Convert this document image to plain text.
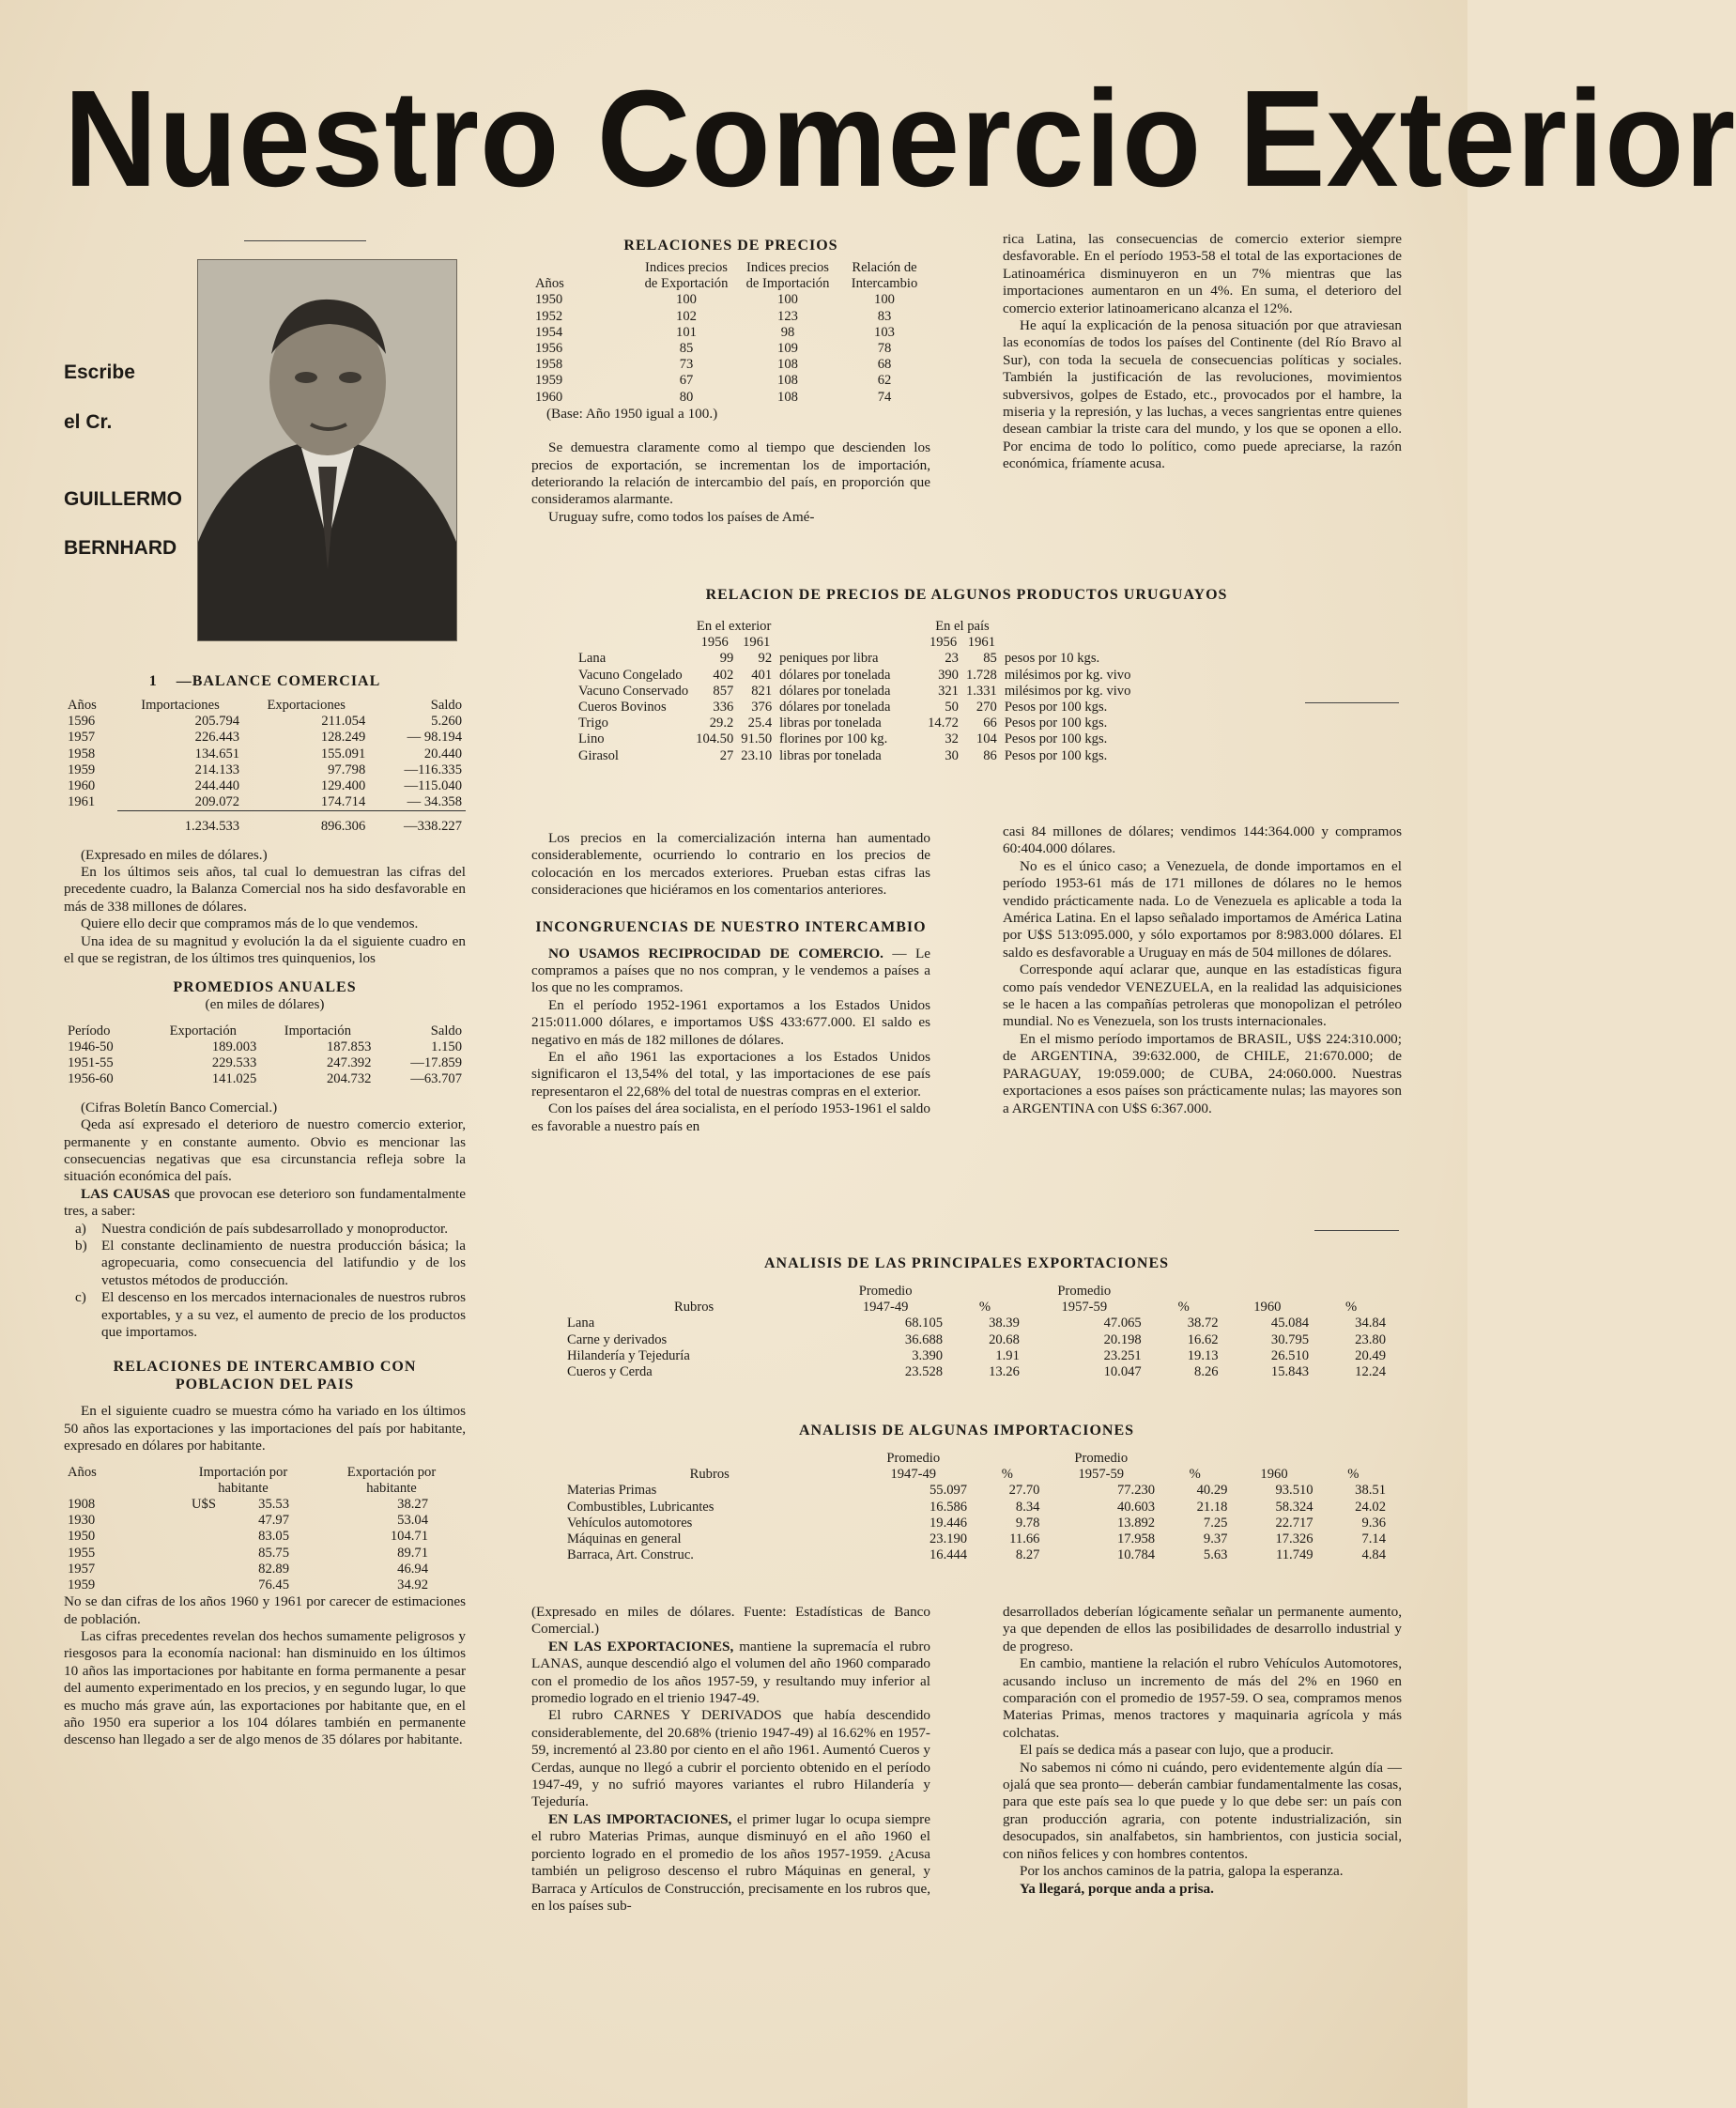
Nuestro Comercio Exterior
Escribe
el Cr.
GUILLERMO
BERNHARD
1 —BALANCE COMERCIAL
Años	Importaciones	Exportaciones	Saldo
1596	205.794	211.054	5.260
1957	226.443	128.249	— 98.194
1958	134.651	155.091	20.440
1959	214.133	97.798	—116.335
1960	244.440	129.400	—115.040
1961	209.072	174.714	— 34.358
	1.234.533	896.306	—338.227
(Expresado en miles de dólares.)

En los últimos seis años, tal cual lo demuestran las cifras del precedente cuadro, la Balanza Comercial nos ha sido desfavorable en más de 338 millones de dólares.

Quiere ello decir que compramos más de lo que vendemos.

Una idea de su magnitud y evolución la da el siguiente cuadro en el que se registran, de los últimos tres quinquenios, los

PROMEDIOS ANUALES
(en miles de dólares)
Período	Exportación	Importación	Saldo
1946-50	189.003	187.853	1.150
1951-55	229.533	247.392	—17.859
1956-60	141.025	204.732	—63.707
(Cifras Boletín Banco Comercial.)

Qeda así expresado el deterioro de nuestro comercio exterior, permanente y en constante aumento. Obvio es mencionar las consecuencias negativas que esa circunstancia refleja sobre la situación económica del país.

LAS CAUSAS que provocan ese deterioro son fundamentalmente tres, a saber:

a) Nuestra condición de país subdesarrollado y monoproductor.
b) El constante declinamiento de nuestra producción básica; la agropecuaria, como consecuencia del latifundio y de los vetustos métodos de producción.
c) El descenso en los mercados internacionales de nuestros rubros exportables, y a su vez, el aumento de precio de los productos que importamos.
RELACIONES DE INTERCAMBIO CON POBLACION DEL PAIS

En el siguiente cuadro se muestra cómo ha variado en los últimos 50 años las exportaciones y las importaciones del país por habitante, expresado en dólares por habitante.

Años	Importación por habitante	Exportación por habitante
1908	U$S 35.53	38.27
1930	47.97	53.04
1950	83.05	104.71
1955	85.75	89.71
1957	82.89	46.94
1959	76.45	34.92

No se dan cifras de los años 1960 y 1961 por carecer de estimaciones de población.

Las cifras precedentes revelan dos hechos sumamente peligrosos y riesgosos para la economía nacional: han disminuido en los últimos 10 años las importaciones por habitante en forma permanente a pesar del aumento experimentado en los precios, y en segundo lugar, lo que es mucho más grave aún, las exportaciones por habitante que, en el año 1950 era superior a los 104 dólares también en permanente descenso han llegado a ser de algo menos de 35 dólares por habitante.

RELACIONES DE PRECIOS
Años	Indices precios de Exportación	Indices precios de Importación	Relación de Intercambio
1950	100	100	100
1952	102	123	83
1954	101	98	103
1956	85	109	78
1958	73	108	68
1959	67	108	62
1960	80	108	74
(Base: Año 1950 igual a 100.)

Se demuestra claramente como al tiempo que descienden los precios de exportación, se incrementan los de importación, deteriorando la relación de intercambio del país, en proporción que consideramos alarmante.

Uruguay sufre, como todos los países de Amé-

rica Latina, las consecuencias de comercio exterior siempre desfavorable. En el período 1953-58 el total de las exportaciones de Latinoamérica disminuyeron en un 7% mientras que las importaciones aumentaron en un 4%. En suma, el deterioro del comercio exterior latinoamericano alcanza el 12%.

He aquí la explicación de la penosa situación por que atraviesan las economías de todos los países del Continente (del Río Bravo al Sur), con toda la secuela de consecuencias políticas y sociales. También la justificación de las revoluciones, movimientos subversivos, golpes de Estado, etc., provocados por el hambre, la miseria y la represión, y las luchas, a veces sangrientas entre quienes desean cambiar la triste cara del mundo, y los que se oponen a ello. Por encima de todo lo político, como puede apreciarse, la razón económica, fríamente acusa.

RELACION DE PRECIOS DE ALGUNOS PRODUCTOS URUGUAYOS
	En el exterior			En el país		
	1956	1961		1956	1961	
Lana	99	92	peniques por libra	23	85	pesos por 10 kgs.
Vacuno Congelado	402	401	dólares por tonelada	390	1.728	milésimos por kg. vivo
Vacuno Conservado	857	821	dólares por tonelada	321	1.331	milésimos por kg. vivo
Cueros Bovinos	336	376	dólares por tonelada	50	270	Pesos por 100 kgs.
Trigo	29.2	25.4	libras por tonelada	14.72	66	Pesos por 100 kgs.
Lino	104.50	91.50	florines por 100 kg.	32	104	Pesos por 100 kgs.
Girasol	27	23.10	libras por tonelada	30	86	Pesos por 100 kgs.

Los precios en la comercialización interna han aumentado considerablemente, ocurriendo lo contrario en los precios de colocación en los mercados exteriores. Prueban estas cifras las consideraciones que hiciéramos en los comentarios anteriores.

INCONGRUENCIAS DE NUESTRO INTERCAMBIO

NO USAMOS RECIPROCIDAD DE COMERCIO. — Le compramos a países que no nos compran, y le vendemos a países a los que no les compramos.

En el período 1952-1961 exportamos a los Estados Unidos 215:011.000 dólares, e importamos U$S 433:677.000. El saldo es negativo en más de 182 millones de dólares.

En el año 1961 las exportaciones a los Estados Unidos significaron el 13,54% del total, y las importaciones de ese país representaron el 22,68% del total de nuestras compras en el exterior.

Con los países del área socialista, en el período 1953-1961 el saldo es favorable a nuestro país en

casi 84 millones de dólares; vendimos 144:364.000 y compramos 60:404.000 dólares.

No es el único caso; a Venezuela, de donde importamos en el período 1953-61 más de 171 millones de dólares no le hemos vendido prácticamente nada. Lo de Venezuela es aplicable a toda la América Latina. En el lapso señalado importamos de América Latina por U$S 513:095.000, y sólo exportamos por 8:983.000 dólares. El saldo es desfavorable a Uruguay en más de 504 millones de dólares.

Corresponde aquí aclarar que, aunque en las estadísticas figura como país vendedor VENEZUELA, en la realidad las adquisiciones se le hacen a las compañías petroleras que monopolizan el petróleo mundial. No es Venezuela, son los trusts internacionales.

En el mismo período importamos de BRASIL, U$S 224:310.000; de ARGENTINA, 39:632.000, de CHILE, 21:670.000; de PARAGUAY, 19:059.000; de CUBA, 24:060.000. Nuestras exportaciones a esos países son prácticamente nulas; las mayores son a ARGENTINA con U$S 6:367.000.

ANALISIS DE LAS PRINCIPALES EXPORTACIONES
	Promedio		Promedio			
Rubros	1947-49	%	1957-59	%	1960	%
Lana	68.105	38.39	47.065	38.72	45.084	34.84
Carne y derivados	36.688	20.68	20.198	16.62	30.795	23.80
Hilandería y Tejeduría	3.390	1.91	23.251	19.13	26.510	20.49
Cueros y Cerda	23.528	13.26	10.047	8.26	15.843	12.24
ANALISIS DE ALGUNAS IMPORTACIONES
	Promedio		Promedio			
Rubros	1947-49	%	1957-59	%	1960	%
Materias Primas	55.097	27.70	77.230	40.29	93.510	38.51
Combustibles, Lubricantes	16.586	8.34	40.603	21.18	58.324	24.02
Vehículos automotores	19.446	9.78	13.892	7.25	22.717	9.36
Máquinas en general	23.190	11.66	17.958	9.37	17.326	7.14
Barraca, Art. Construc.	16.444	8.27	10.784	5.63	11.749	4.84

(Expresado en miles de dólares. Fuente: Estadísticas de Banco Comercial.)

EN LAS EXPORTACIONES, mantiene la supremacía el rubro LANAS, aunque descendió algo el volumen del año 1960 comparado con el promedio de los años 1957-59, y resultando muy inferior al promedio logrado en el trienio 1947-49.

El rubro CARNES Y DERIVADOS que había descendido considerablemente, del 20.68% (trienio 1947-49) al 16.62% en 1957-59, incrementó al 23.80 por ciento en el año 1961. Aumentó Cueros y Cerdas, aunque no llegó a cubrir el porciento obtenido en el período 1947-49, y no sufrió mayores variantes el rubro Hilandería y Tejeduría.

EN LAS IMPORTACIONES, el primer lugar lo ocupa siempre el rubro Materias Primas, aunque disminuyó en el año 1960 el porciento logrado en el promedio de los años 1957-1959. ¿Acusa también un peligroso descenso el rubro Máquinas en general, y Barraca y Artículos de Construcción, precisamente en los rubros que, en los países sub-

desarrollados deberían lógicamente señalar un permanente aumento, ya que dependen de ellos las posibilidades de desarrollo industrial y de progreso.

En cambio, mantiene la relación el rubro Vehículos Automotores, acusando incluso un incremento de más del 2% en 1960 en comparación con el promedio de 1957-59. O sea, compramos menos Materias Primas, menos tractores y maquinaria agrícola y más colchatas.

El país se dedica más a pasear con lujo, que a producir.

No sabemos ni cómo ni cuándo, pero evidentemente algún día —ojalá que sea pronto— deberán cambiar fundamentalmente las cosas, para que este país sea lo que puede y lo que debe ser: un país con gran producción agraria, con potente industrialización, sin desocupados, sin analfabetos, sin hambrientos, con justicia social, con niños felices y con hombres contentos.

Por los anchos caminos de la patria, galopa la esperanza.

Ya llegará, porque anda a prisa.
